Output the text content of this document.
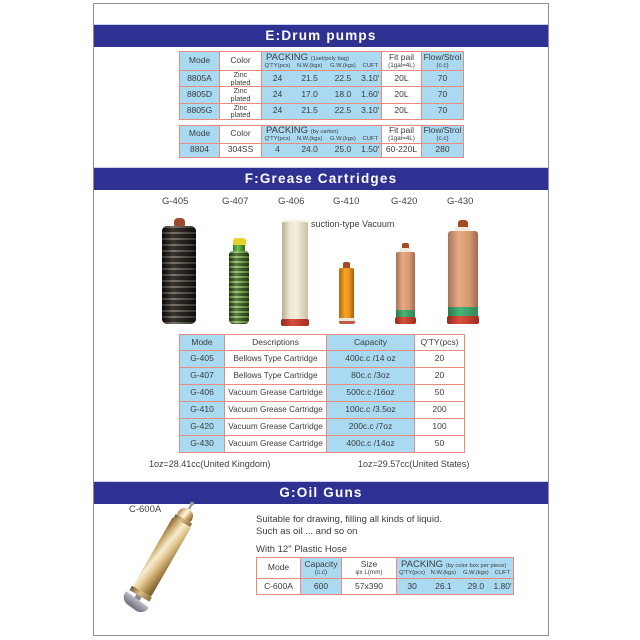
E:Drum pumps
Mode	Color	PACKING (1set/poly bag)
Q'TY(pcs)	N.W.(kgs)	G.W.(kgs)	CUFT
	Fit pail
(1gal=4L)
	Flow/Strol
(c.c)

8805A	Zinc plated	24 21.5 22.5 3.10'	20L	70
8805D	Zinc plated	24 17.0 18.0 1.60'	20L	70
8805G	Zinc plated	24 21.5 22.5 3.10'	20L	70
Mode	Color	PACKING (by carton)
Q'TY(pcs)	N.W.(kgs)	G.W.(kgs)	CUFT
	Fit pail
(1gal=4L)
	Flow/Strol
(c.c)

8804	304SS	4 24.0 25.0 1.50'	60-220L	280
F:Grease Cartridges
G-405	G-407	G-406	G-410	G-420	G-430
suction-type Vacuum
Mode	Descriptions	Capacity	Q'TY(pcs)
G-405	Bellows Type Cartridge	400c.c /14 oz	20
G-407	Bellows Type Cartridge	80c.c /3oz	20
G-406	Vacuum Grease Cartridge	500c.c /16oz	50
G-410	Vacuum Grease Cartridge	100c.c /3.5oz	200
G-420	Vacuum Grease Cartridge	200c.c /7oz	100
G-430	Vacuum Grease Cartridge	400c.c /14oz	50
1oz=28.41cc(United Kingdom)	1oz=29.57cc(United States)
G:Oil Guns
C-600A
Suitable for drawing, filling all kinds of liquid.
Such as oil ... and so on
With 12" Plastic Hose
Mode	Capacity
(c.c)
	Size
φx L(mm)

PACKING (by color box per piece)
Q'TY(pcs) N.W.(kgs)	G.W.(kgs)	CUFT

C-600A	600	57x390	30 26.1 29.0 1.80'
